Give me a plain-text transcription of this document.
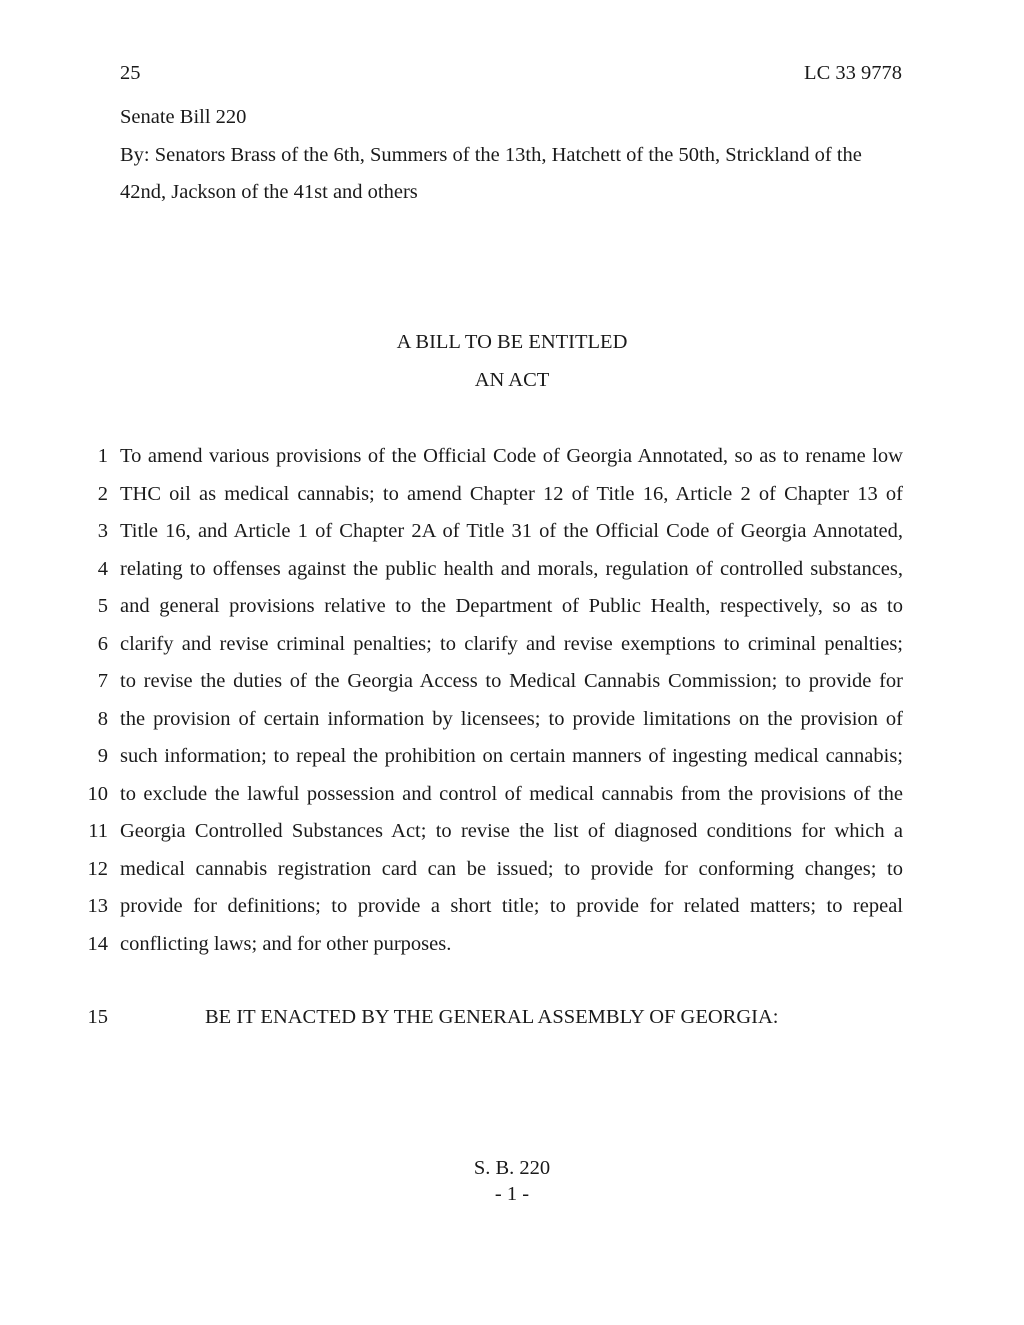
25	LC 33 9778
Senate Bill 220
By: Senators Brass of the 6th, Summers of the 13th, Hatchett of the 50th, Strickland of the
42nd, Jackson of the 41st and others
A BILL TO BE ENTITLED
AN ACT
1 To amend various provisions of the Official Code of Georgia Annotated, so as to rename low
2 THC oil as medical cannabis; to amend Chapter 12 of Title 16, Article 2 of Chapter 13 of
3 Title 16, and Article 1 of Chapter 2A of Title 31 of the Official Code of Georgia Annotated,
4 relating to offenses against the public health and morals, regulation of controlled substances,
5 and general provisions relative to the Department of Public Health, respectively, so as to
6 clarify and revise criminal penalties; to clarify and revise exemptions to criminal penalties;
7 to revise the duties of the Georgia Access to Medical Cannabis Commission; to provide for
8 the provision of certain information by licensees; to provide limitations on the provision of
9 such information; to repeal the prohibition on certain manners of ingesting medical cannabis;
10 to exclude the lawful possession and control of medical cannabis from the provisions of the
11 Georgia Controlled Substances Act; to revise the list of diagnosed conditions for which a
12 medical cannabis registration card can be issued; to provide for conforming changes; to
13 provide for definitions; to provide a short title; to provide for related matters; to repeal
14 conflicting laws; and for other purposes.
15	BE IT ENACTED BY THE GENERAL ASSEMBLY OF GEORGIA:
S. B. 220
- 1 -
